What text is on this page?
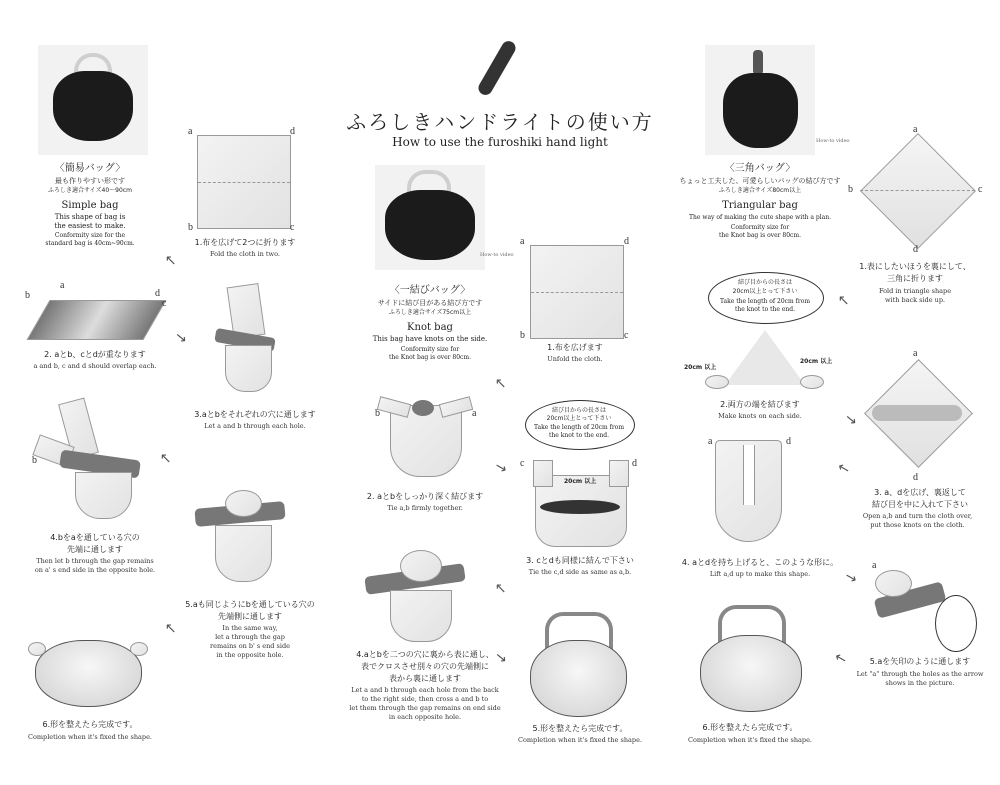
ふろしきハンドライトの使い方
How to use the furoshiki hand light
〈簡易バッグ〉
最も作りやすい形です
ふろしき適合サイズ40〜90cm
Simple bag
This shape of bag is
the easiest to make.
Conformity size for the
standard bag is 40cm~90cm.
a	d
b	c
1.布を広げて2つに折ります
Fold the cloth in two.
→
a
b	d
c
2. aとb、cとdが重なります
a and b, c and d should overlap each.
3.aとbをそれぞれの穴に通します
Let a and b through each hole.
→
→
b
4.bをaを通している穴の
先端に通します
Then let b through the gap remains
on a' s end side in the opposite hole.
5.aも同じようにbを通している穴の
先端側に通します
In the same way,
let a through the gap
remains on b' s end side
in the opposite hole.
→
6.形を整えたら完成です。
Completion when it's fixed the shape.
How-to video
〈一結びバッグ〉
サイドに結び目がある結び方です
ふろしき適合サイズ75cm以上
Knot bag
This bag have knots on the side.
Conformity size for
the Knot bag is over 80cm.
a	d
b	c
1.布を広げます
Unfold the cloth.
→
b	a
2. aとbをしっかり深く結びます
Tie a,b firmly together.
→
結び目からの長さは
20cm以上とって下さい
Take the length of 20cm from
the knot to the end.
c	d
20cm 以上
3. cとdも同様に結んで下さい
Tie the c,d side as same as a,b.
→
4.aとbを二つの穴に裏から表に通し、
表でクロスさせ別々の穴の先端側に
表から裏に通します
Let a and b through each hole from the back
to the right side, then cross a and b to
let them through the gap remains on end side
in each opposite hole.
→
5.形を整えたら完成です。
Completion when it's fixed the shape.
How-to video
〈三角バッグ〉
ちょっと工夫した、可愛らしいバッグの結び方です
ふろしき適合サイズ80cm以上
Triangular bag
The way of making the cute shape with a plan.
Conformity size for
the Knot bag is over 80cm.
a
b	c
d
1.表にしたいほうを裏にして、
三角に折ります
Fold in triangle shape
with back side up.
→
結び目からの長さは
20cm以上とって下さい
Take the length of 20cm from
the knot to the end.
20cm 以上
20cm 以上
2.両方の端を結びます
Make knots on each side.	→
a
d
3. a、dを広げ、裏返して
結び目を中に入れて下さい
Open a,b and turn the cloth over,
put those knots on the cloth.
→
a	d
4. aとdを持ち上げると、このような形に。
Lift a,d up to make this shape.	→
a
5.aを矢印のように通します
Let "a" through the holes as the arrow
shows in the picture.
→
6.形を整えたら完成です。
Completion when it's fixed the shape.
